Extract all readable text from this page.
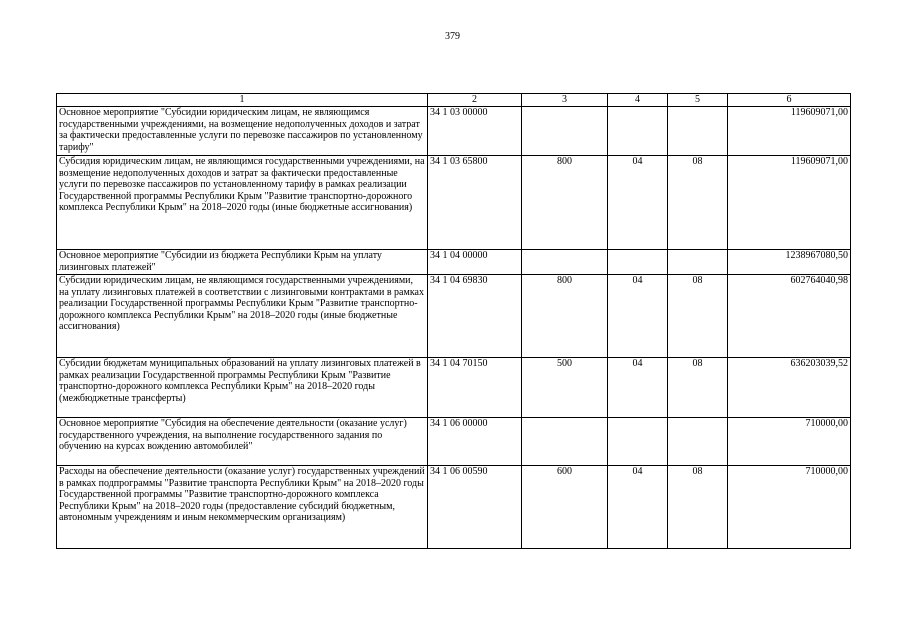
379
1	2	3	4	5	6
Основное мероприятие "Субсидии юридическим лицам, не являющимся государственными учреждениями, на возмещение недополученных доходов и затрат за фактически предоставленные услуги по перевозке пассажиров по установленному тарифу"	34 1 03 00000				119609071,00
Субсидия юридическим лицам, не являющимся государственными учреждениями, на возмещение недополученных доходов и затрат за фактически предоставленные услуги по перевозке пассажиров по установленному тарифу в рамках реализации Государственной программы Республики Крым "Развитие транспортно-дорожного комплекса Республики Крым" на 2018–2020 годы (иные бюджетные ассигнования)	34 1 03 65800	800	04	08	119609071,00
Основное мероприятие "Субсидии из бюджета Республики Крым на уплату лизинговых платежей"	34 1 04 00000				1238967080,50
Субсидии юридическим лицам, не являющимся государственными учреждениями, на уплату лизинговых платежей в соответствии с лизинговыми контрактами в рамках реализации Государственной программы Республики Крым "Развитие транспортно-дорожного комплекса Республики Крым" на 2018–2020 годы (иные бюджетные ассигнования)	34 1 04 69830	800	04	08	602764040,98
Субсидии бюджетам муниципальных образований на уплату лизинговых платежей в рамках реализации Государственной программы Республики Крым "Развитие транспортно-дорожного комплекса Республики Крым" на 2018–2020 годы (межбюджетные трансферты)	34 1 04 70150	500	04	08	636203039,52
Основное мероприятие "Субсидия на обеспечение деятельности (оказание услуг) государственного учреждения, на выполнение государственного задания по обучению на курсах вождению автомобилей"	34 1 06 00000				710000,00
Расходы на обеспечение деятельности (оказание услуг) государственных учреждений в рамках подпрограммы "Развитие транспорта Республики Крым" на 2018–2020 годы Государственной программы "Развитие транспортно-дорожного комплекса Республики Крым" на 2018–2020 годы (предоставление субсидий бюджетным, автономным учреждениям и иным некоммерческим организациям)	34 1 06 00590	600	04	08	710000,00
